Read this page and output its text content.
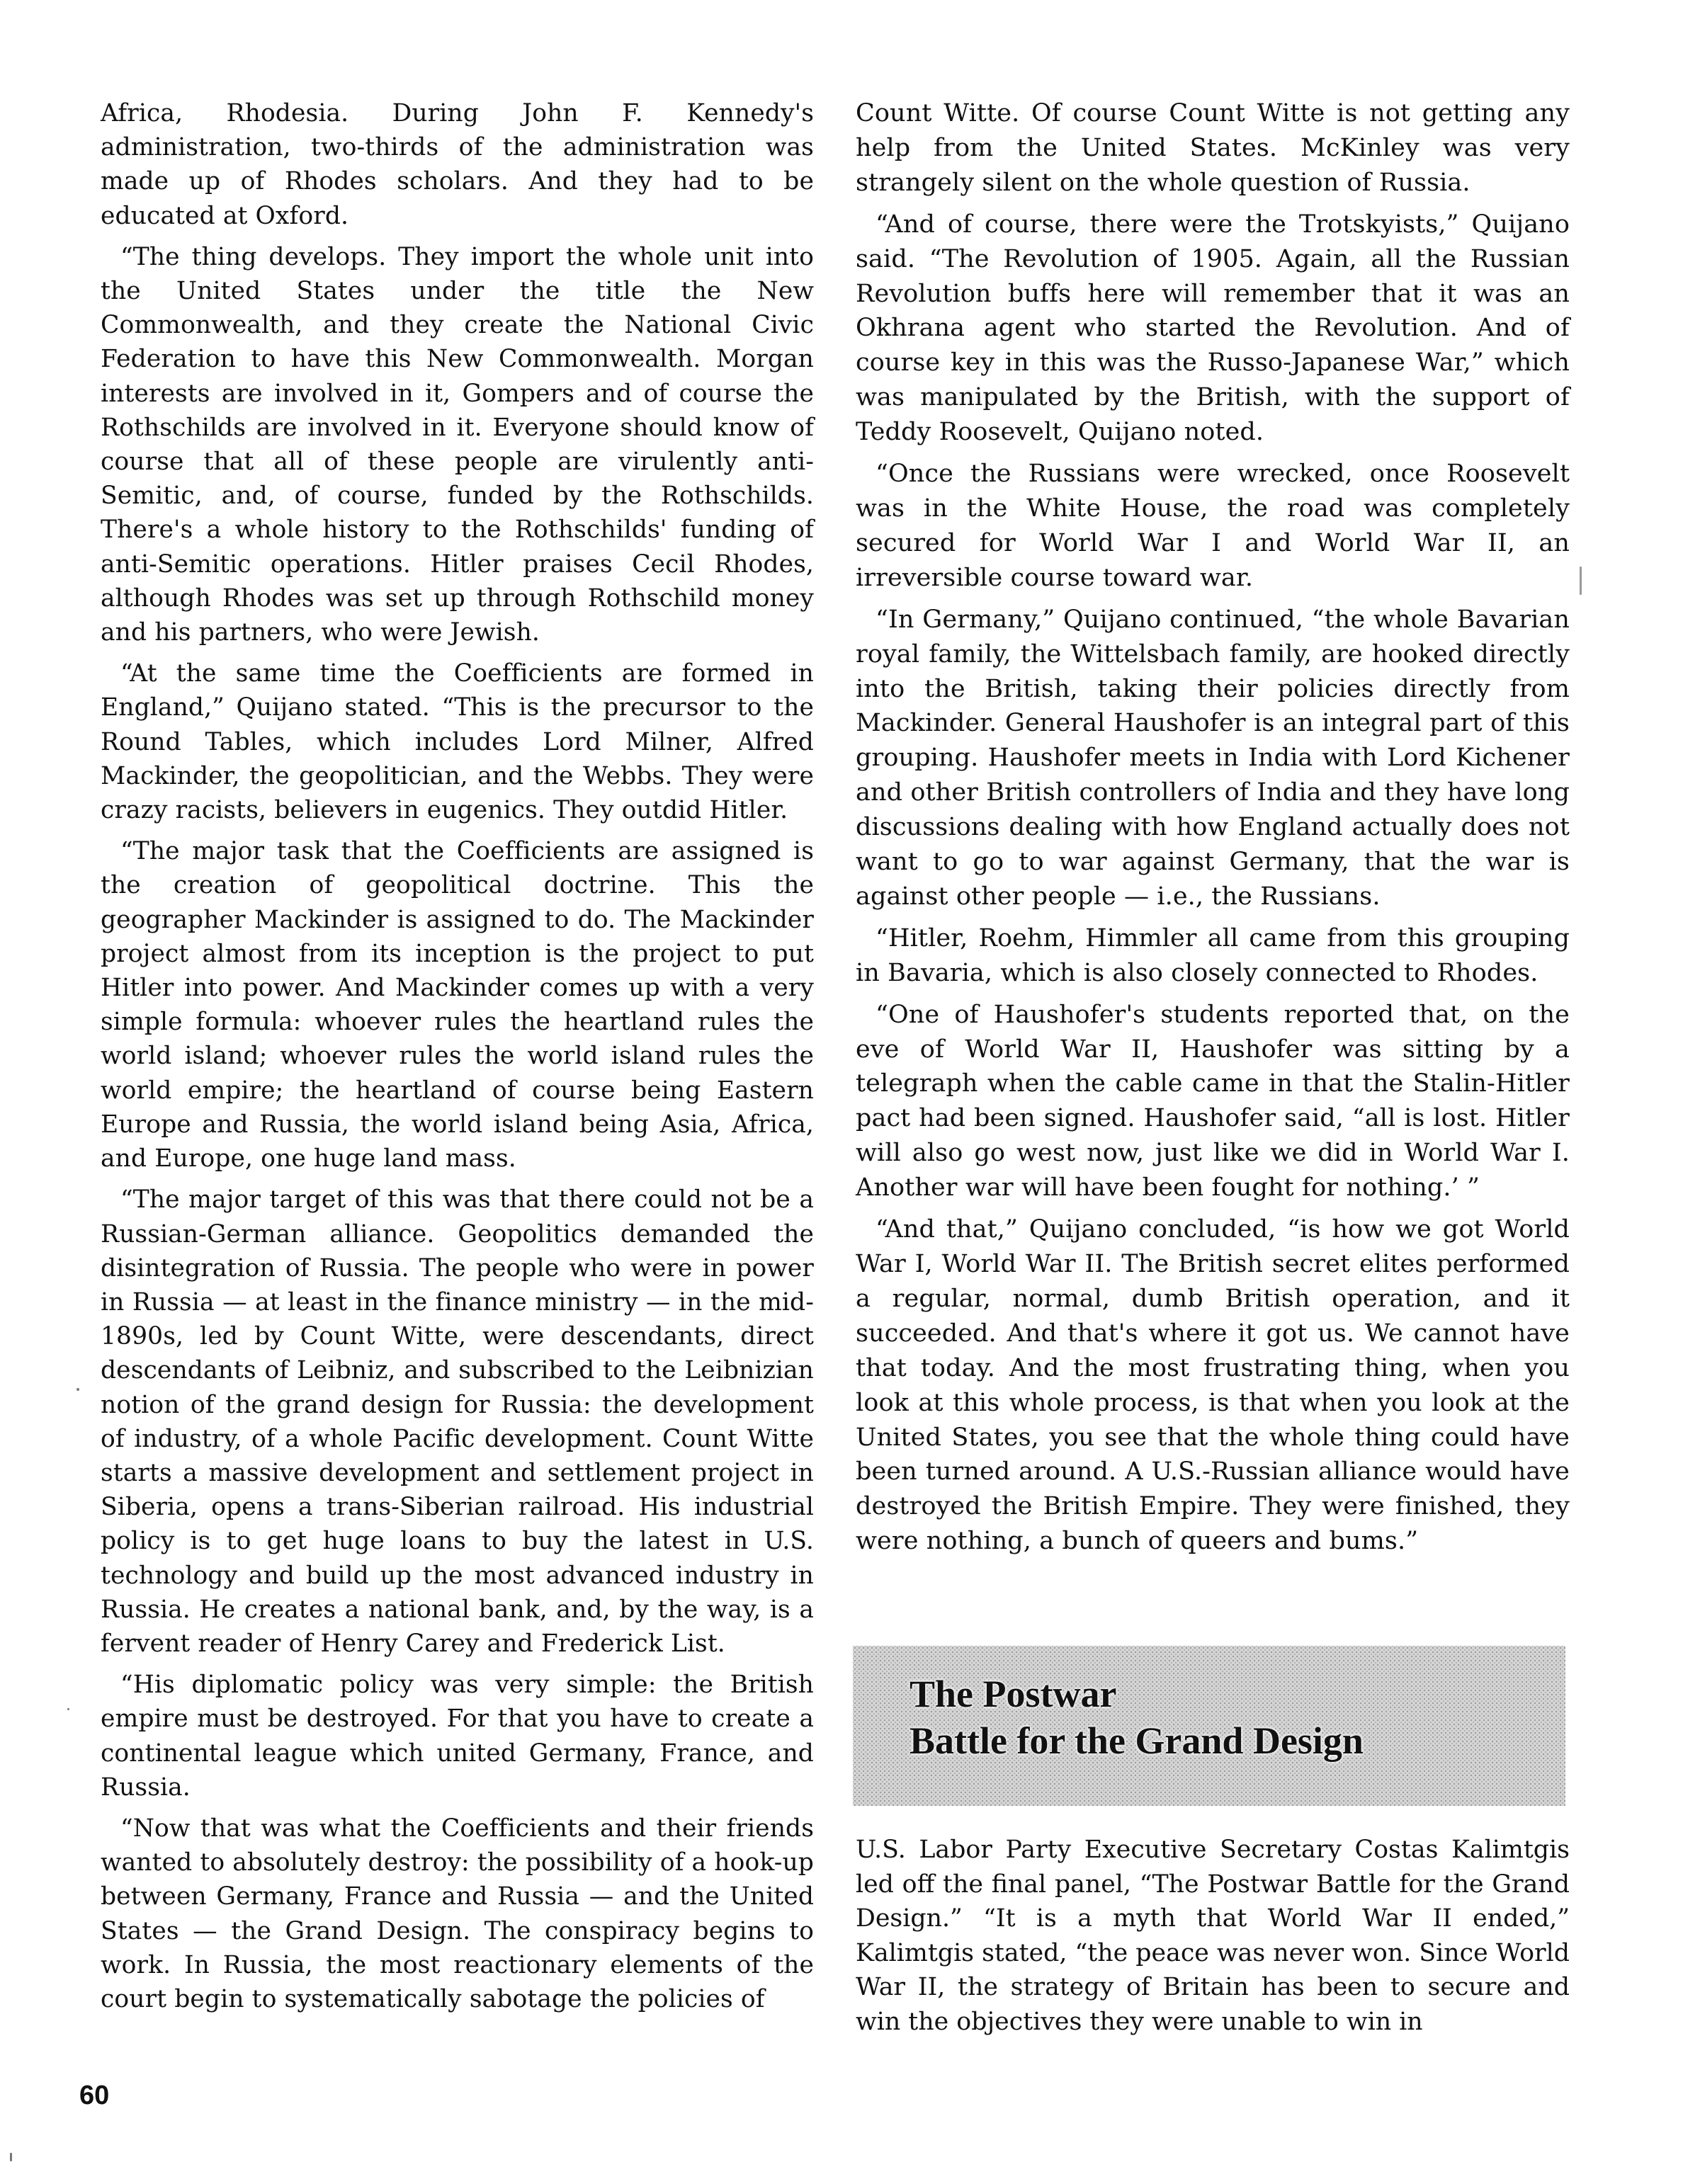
Africa, Rhodesia. During John F. Kennedy's administration, two-thirds of the administration was made up of Rhodes scholars. And they had to be educated at Oxford.

“The thing develops. They import the whole unit into the United States under the title the New Commonwealth, and they create the National Civic Federation to have this New Commonwealth. Morgan interests are involved in it, Gompers and of course the Rothschilds are involved in it. Everyone should know of course that all of these people are virulently anti-Semitic, and, of course, funded by the Rothschilds. There's a whole history to the Rothschilds' funding of anti-Semitic operations. Hitler praises Cecil Rhodes, although Rhodes was set up through Rothschild money and his partners, who were Jewish.

“At the same time the Coefficients are formed in England,” Quijano stated. “This is the precursor to the Round Tables, which includes Lord Milner, Alfred Mackinder, the geopolitician, and the Webbs. They were crazy racists, believers in eugenics. They outdid Hitler.

“The major task that the Coefficients are assigned is the creation of geopolitical doctrine. This the geographer Mackinder is assigned to do. The Mackinder project almost from its inception is the project to put Hitler into power. And Mackinder comes up with a very simple formula: whoever rules the heartland rules the world island; whoever rules the world island rules the world empire; the heartland of course being Eastern Europe and Russia, the world island being Asia, Africa, and Europe, one huge land mass.

“The major target of this was that there could not be a Russian-German alliance. Geopolitics demanded the disintegration of Russia. The people who were in power in Russia — at least in the finance ministry — in the mid-1890s, led by Count Witte, were descendants, direct descendants of Leibniz, and subscribed to the Leibnizian notion of the grand design for Russia: the development of industry, of a whole Pacific development. Count Witte starts a massive development and settlement project in Siberia, opens a trans-Siberian railroad. His industrial policy is to get huge loans to buy the latest in U.S. technology and build up the most advanced industry in Russia. He creates a national bank, and, by the way, is a fervent reader of Henry Carey and Frederick List.

“His diplomatic policy was very simple: the British empire must be destroyed. For that you have to create a continental league which united Germany, France, and Russia.

“Now that was what the Coefficients and their friends wanted to absolutely destroy: the possibility of a hook-up between Germany, France and Russia — and the United States — the Grand Design. The conspiracy begins to work. In Russia, the most reactionary elements of the court begin to systematically sabotage the policies of

Count Witte. Of course Count Witte is not getting any help from the United States. McKinley was very strangely silent on the whole question of Russia.

“And of course, there were the Trotskyists,” Quijano said. “The Revolution of 1905. Again, all the Russian Revolution buffs here will remember that it was an Okhrana agent who started the Revolution. And of course key in this was the Russo-Japanese War,” which was manipulated by the British, with the support of Teddy Roosevelt, Quijano noted.

“Once the Russians were wrecked, once Roosevelt was in the White House, the road was completely secured for World War I and World War II, an irreversible course toward war.

“In Germany,” Quijano continued, “the whole Bavarian royal family, the Wittelsbach family, are hooked directly into the British, taking their policies directly from Mackinder. General Haushofer is an integral part of this grouping. Haushofer meets in India with Lord Kichener and other British controllers of India and they have long discussions dealing with how England actually does not want to go to war against Germany, that the war is against other people — i.e., the Russians.

“Hitler, Roehm, Himmler all came from this grouping in Bavaria, which is also closely connected to Rhodes.

“One of Haushofer's students reported that, on the eve of World War II, Haushofer was sitting by a telegraph when the cable came in that the Stalin-Hitler pact had been signed. Haushofer said, “all is lost. Hitler will also go west now, just like we did in World War I. Another war will have been fought for nothing.’ ”

“And that,” Quijano concluded, “is how we got World War I, World War II. The British secret elites performed a regular, normal, dumb British operation, and it succeeded. And that's where it got us. We cannot have that today. And the most frustrating thing, when you look at this whole process, is that when you look at the United States, you see that the whole thing could have been turned around. A U.S.-Russian alliance would have destroyed the British Empire. They were finished, they were nothing, a bunch of queers and bums.”

The Postwar
Battle for the Grand Design

U.S. Labor Party Executive Secretary Costas Kalimtgis led off the final panel, “The Postwar Battle for the Grand Design.” “It is a myth that World War II ended,” Kalimtgis stated, “the peace was never won. Since World War II, the strategy of Britain has been to secure and win the objectives they were unable to win in

60
